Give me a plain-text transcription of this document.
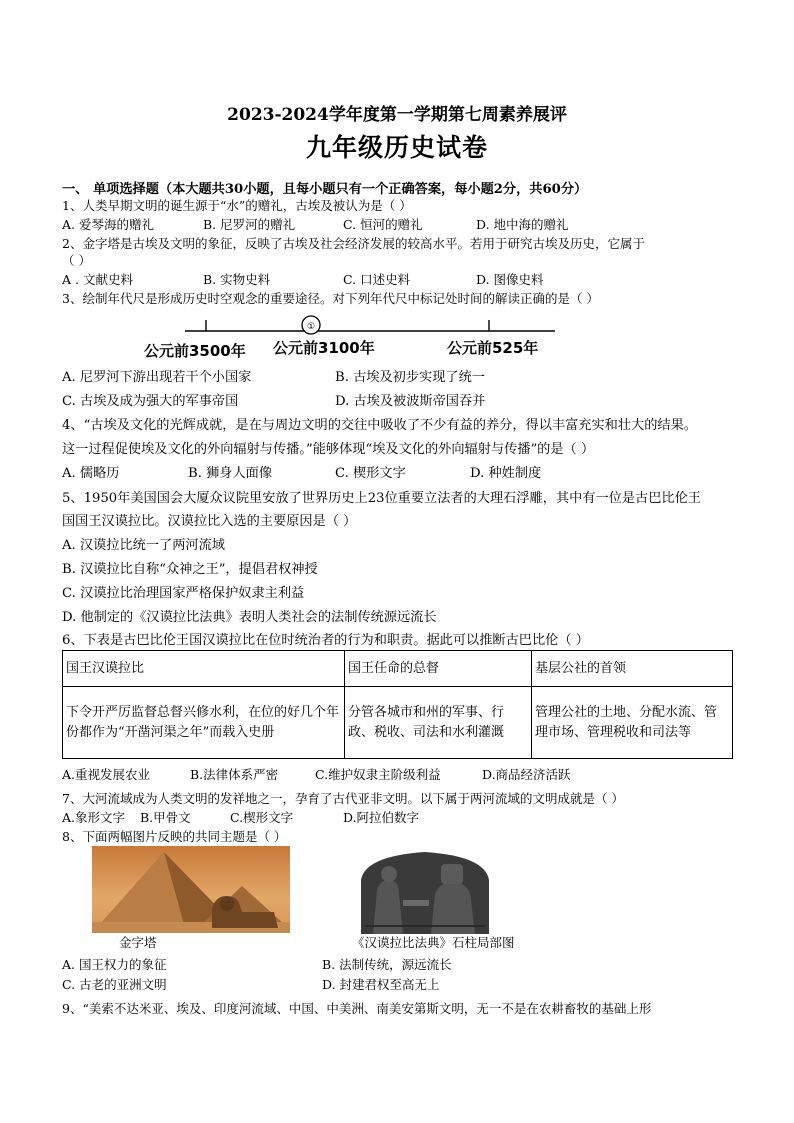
2023-2024学年度第一学期第七周素养展评
九年级历史试卷
一、 单项选择题（本大题共30小题，且每小题只有一个正确答案，每小题2分，共60分）
1、人类早期文明的诞生源于“水”的赠礼，古埃及被认为是（ ）
A. 爱琴海的赠礼	B. 尼罗河的赠礼	C. 恒河的赠礼	D. 地中海的赠礼
2、金字塔是古埃及文明的象征，反映了古埃及社会经济发展的较高水平。若用于研究古埃及历史，它属于
（ ）
A . 文献史料	B. 实物史料	C. 口述史料	D. 图像史料
3、绘制年代尺是形成历史时空观念的重要途径。对下列年代尺中标记处时间的解读正确的是（ ）
①
公元前3500年 公元前3100年	公元前525年
A. 尼罗河下游出现若干个小国家	B. 古埃及初步实现了统一
C. 古埃及成为强大的军事帝国	D. 古埃及被波斯帝国吞并
4、“古埃及文化的光辉成就，是在与周边文明的交往中吸收了不少有益的养分，得以丰富充实和壮大的结果。
这一过程促使埃及文化的外向辐射与传播。”能够体现“埃及文化的外向辐射与传播”的是（ ）
A. 儒略历	B. 狮身人面像	C. 楔形文字	D. 种姓制度
5、1950年美国国会大厦众议院里安放了世界历史上23位重要立法者的大理石浮雕，其中有一位是古巴比伦王
国国王汉谟拉比。汉谟拉比入选的主要原因是（ ）
A. 汉谟拉比统一了两河流域
B. 汉谟拉比自称“众神之王”，提倡君权神授
C. 汉谟拉比治理国家严格保护奴隶主利益
D. 他制定的《汉谟拉比法典》表明人类社会的法制传统源远流长
6、下表是古巴比伦王国汉谟拉比在位时统治者的行为和职责。据此可以推断古巴比伦（ ）
国王汉谟拉比	国王任命的总督	基层公社的首领
下令开严厉监督总督兴修水利，在位的好几个年份都作为“开凿河渠之年”而载入史册	分管各城市和州的军事、行政、税收、司法和水利灌溉	管理公社的土地、分配水流、管理市场、管理税收和司法等
A.重视发展农业	B.法律体系严密	C.维护奴隶主阶级利益	D.商品经济活跃
7、大河流域成为人类文明的发祥地之一，孕育了古代亚非文明。以下属于两河流域的文明成就是（ ）
A.象形文字 B.甲骨文	C.楔形文字	D.阿拉伯数字
8、下面两幅图片反映的共同主题是（ ）
金字塔	《汉谟拉比法典》石柱局部图
A. 国王权力的象征	B. 法制传统，源远流长
C. 古老的亚洲文明	D. 封建君权至高无上
9、“美索不达米亚、埃及、印度河流域、中国、中美洲、南美安第斯文明，无一不是在农耕畜牧的基础上形
